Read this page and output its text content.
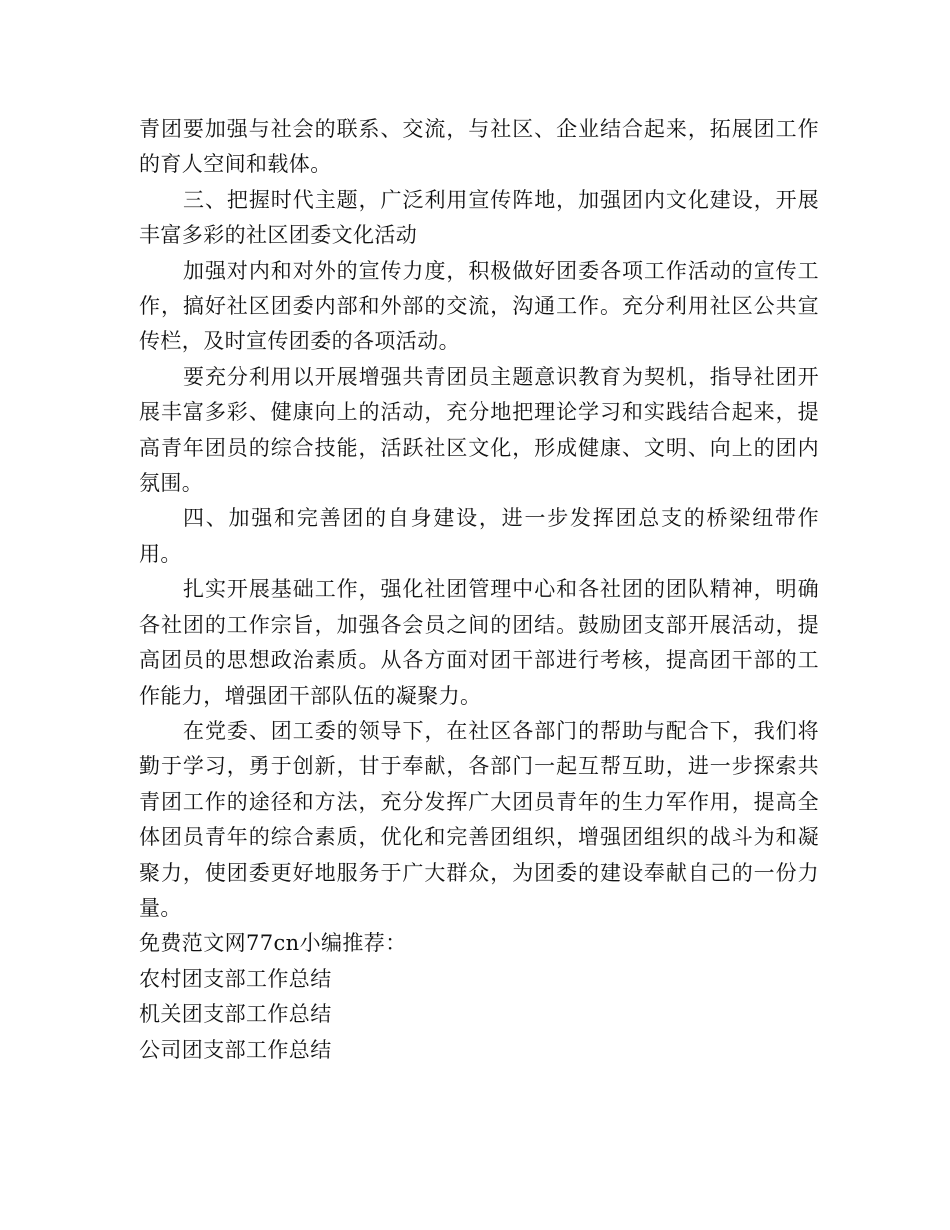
青团要加强与社会的联系、交流，与社区、企业结合起来，拓展团工作的育人空间和载体。

三、把握时代主题，广泛利用宣传阵地，加强团内文化建设，开展丰富多彩的社区团委文化活动

加强对内和对外的宣传力度，积极做好团委各项工作活动的宣传工作，搞好社区团委内部和外部的交流，沟通工作。充分利用社区公共宣传栏，及时宣传团委的各项活动。

要充分利用以开展增强共青团员主题意识教育为契机，指导社团开展丰富多彩、健康向上的活动，充分地把理论学习和实践结合起来，提高青年团员的综合技能，活跃社区文化，形成健康、文明、向上的团内氛围。

四、加强和完善团的自身建设，进一步发挥团总支的桥梁纽带作用。

扎实开展基础工作，强化社团管理中心和各社团的团队精神，明确各社团的工作宗旨，加强各会员之间的团结。鼓励团支部开展活动，提高团员的思想政治素质。从各方面对团干部进行考核，提高团干部的工作能力，增强团干部队伍的凝聚力。

在党委、团工委的领导下，在社区各部门的帮助与配合下，我们将勤于学习，勇于创新，甘于奉献，各部门一起互帮互助，进一步探索共青团工作的途径和方法，充分发挥广大团员青年的生力军作用，提高全体团员青年的综合素质，优化和完善团组织，增强团组织的战斗为和凝聚力，使团委更好地服务于广大群众，为团委的建设奉献自己的一份力量。

免费范文网77cn小编推荐：

农村团支部工作总结

机关团支部工作总结

公司团支部工作总结
